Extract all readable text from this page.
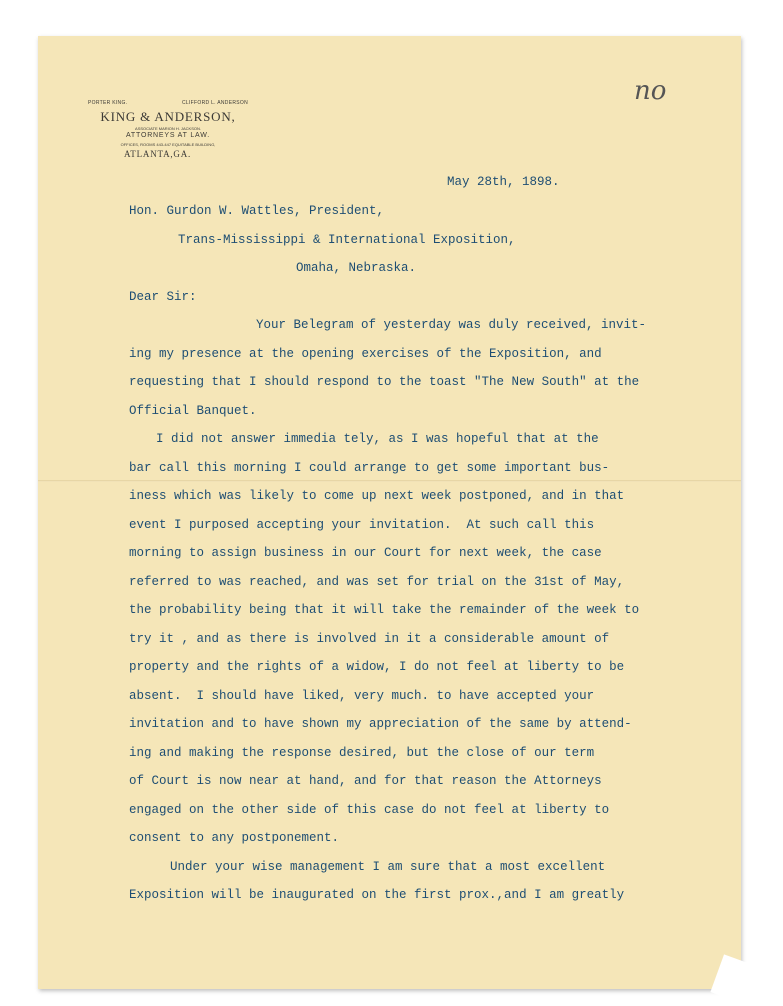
PORTER KING.	CLIFFORD L. ANDERSON
KING & ANDERSON,
ASSOCIATE MARION H. JACKSON.
ATTORNEYS AT LAW.
OFFICES, ROOMS 443-447 EQUITABLE BUILDING,
ATLANTA,GA.
no
May 28th, 1898.
Hon. Gurdon W. Wattles, President,
Trans-Mississippi & International Exposition,
Omaha, Nebraska.
Dear Sir:
Your Belegram of yesterday was duly received, invit-
ing my presence at the opening exercises of the Exposition, and
requesting that I should respond to the toast "The New South" at the
Official Banquet.
I did not answer immedia tely, as I was hopeful that at the
bar call this morning I could arrange to get some important bus-
iness which was likely to come up next week postponed, and in that
event I purposed accepting your invitation.  At such call this
morning to assign business in our Court for next week, the case
referred to was reached, and was set for trial on the 31st of May,
the probability being that it will take the remainder of the week to
try it , and as there is involved in it a considerable amount of
property and the rights of a widow, I do not feel at liberty to be
absent.  I should have liked, very much. to have accepted your
invitation and to have shown my appreciation of the same by attend-
ing and making the response desired, but the close of our term
of Court is now near at hand, and for that reason the Attorneys
engaged on the other side of this case do not feel at liberty to
consent to any postponement.
Under your wise management I am sure that a most excellent
Exposition will be inaugurated on the first prox.,and I am greatly
